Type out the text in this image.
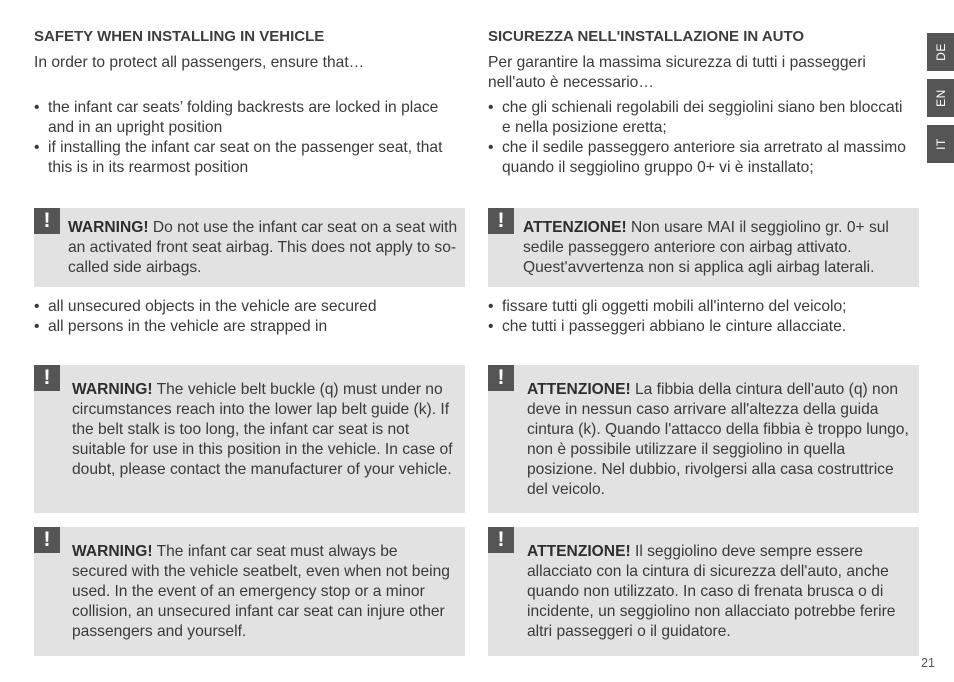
SAFETY WHEN INSTALLING IN VEHICLE

In order to protect all passengers, ensure that…

• the infant car seats’ folding backrests are locked in place and in an upright position
• if installing the infant car seat on the passenger seat, that this is in its rearmost position
!	WARNING! Do not use the infant car seat on a seat with an activated front seat airbag. This does not apply to so-called side airbags.

• all unsecured objects in the vehicle are secured
• all persons in the vehicle are strapped in
!

WARNING! The vehicle belt buckle (q) must under no circumstances reach into the lower lap belt guide (k). If the belt stalk is too long, the infant car seat is not suitable for use in this position in the vehicle. In case of doubt, please contact the manufacturer of your vehicle.

!

WARNING! The infant car seat must always be secured with the vehicle seatbelt, even when not being used. In the event of an emergency stop or a minor collision, an unsecured infant car seat can injure other passengers and yourself.

SICUREZZA NELL'INSTALLAZIONE IN AUTO

Per garantire la massima sicurezza di tutti i passeggeri nell'auto è necessario…

• che gli schienali regolabili dei seggiolini siano ben bloccati e nella posizione eretta;
• che il sedile passeggero anteriore sia arretrato al massimo quando il seggiolino gruppo 0+ vi è installato;
!	ATTENZIONE! Non usare MAI il seggiolino gr. 0+ sul sedile passeggero anteriore con airbag attivato. Quest'avvertenza non si applica agli airbag laterali.

• fissare tutti gli oggetti mobili all'interno del veicolo;
• che tutti i passeggeri abbiano le cinture allacciate.
!

ATTENZIONE! La fibbia della cintura dell'auto (q) non deve in nessun caso arrivare all'altezza della guida cintura (k). Quando l'attacco della fibbia è troppo lungo, non è possibile utilizzare il seggiolino in quella posizione. Nel dubbio, rivolgersi alla casa costruttrice del veicolo.

!

ATTENZIONE! Il seggiolino deve sempre essere allacciato con la cintura di sicurezza dell'auto, anche quando non utilizzato. In caso di frenata brusca o di incidente, un seggiolino non allacciato potrebbe ferire altri passeggeri o il guidatore.

DE
EN
IT
21
